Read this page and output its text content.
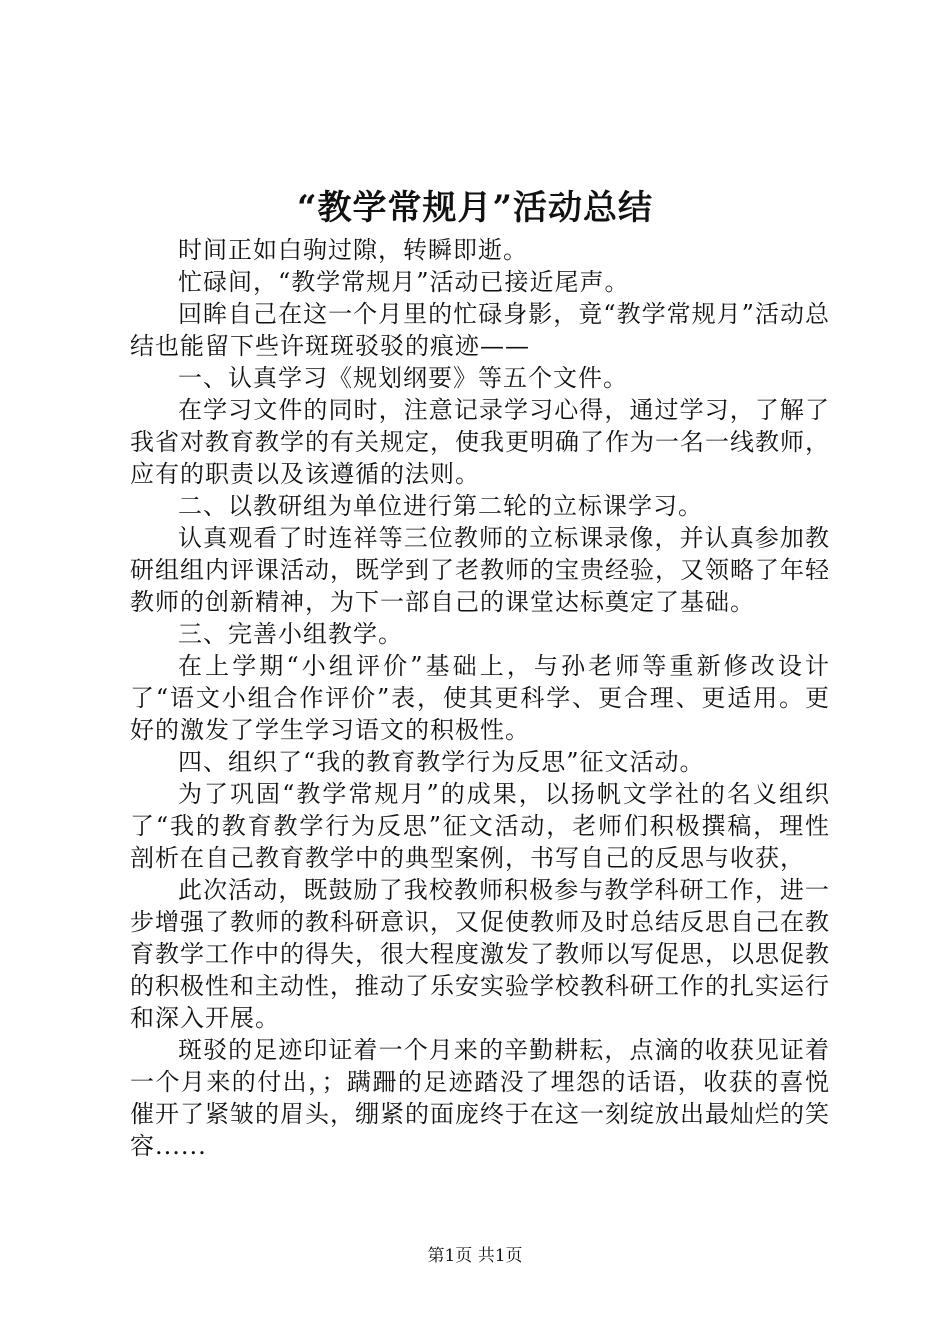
“教学常规月”活动总结

时间正如白驹过隙，转瞬即逝。

忙碌间，“教学常规月”活动已接近尾声。

回眸自己在这一个月里的忙碌身影，竟“教学常规月”活动总结也能留下些许斑斑驳驳的痕迹——

一、认真学习《规划纲要》等五个文件。

在学习文件的同时，注意记录学习心得，通过学习，了解了我省对教育教学的有关规定，使我更明确了作为一名一线教师，应有的职责以及该遵循的法则。

二、以教研组为单位进行第二轮的立标课学习。

认真观看了时连祥等三位教师的立标课录像，并认真参加教研组组内评课活动，既学到了老教师的宝贵经验，又领略了年轻教师的创新精神，为下一部自己的课堂达标奠定了基础。

三、完善小组教学。

在上学期“小组评价”基础上，与孙老师等重新修改设计了“语文小组合作评价”表，使其更科学、更合理、更适用。更好的激发了学生学习语文的积极性。

四、组织了“我的教育教学行为反思”征文活动。

为了巩固“教学常规月”的成果，以扬帆文学社的名义组织了“我的教育教学行为反思”征文活动，老师们积极撰稿，理性剖析在自己教育教学中的典型案例，书写自己的反思与收获，

此次活动，既鼓励了我校教师积极参与教学科研工作，进一步增强了教师的教科研意识，又促使教师及时总结反思自己在教育教学工作中的得失，很大程度激发了教师以写促思，以思促教的积极性和主动性，推动了乐安实验学校教科研工作的扎实运行和深入开展。

斑驳的足迹印证着一个月来的辛勤耕耘，点滴的收获见证着一个月来的付出，；蹒跚的足迹踏没了埋怨的话语，收获的喜悦催开了紧皱的眉头，绷紧的面庞终于在这一刻绽放出最灿烂的笑容......

第1页 共1页
